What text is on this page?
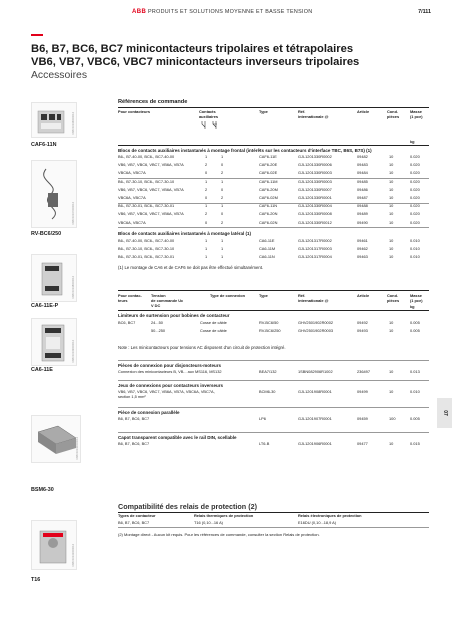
ABB PRODUITS ET SOLUTIONS MOYENNE ET BASSE TENSION	7/111
B6, B7, BC6, BC7 minicontacteurs tripolaires et tétrapolaires
VB6, VB7, VBC6, VBC7 minicontacteurs inverseurs tripolaires
Accessoires
1SBC101360F0014
CAF6-11N
1SBC101370F0014
RV-BC6/250
1SBC101380F0014
CA6-11E-P
1SBC101390F0014
CA6-11E
1SBC101400F0014
BSM6-30
1SBC101410F0014
T16
Références de commande
Pour contacteurs	Contacts
auxiliaires
Type	Réf.
internationale @
Article	Cond.
pièces
Masse
(1 pce)
kg
Blocs de contacts auxiliaires instantanés à montage frontal (intérêts sur les contacteurs d'interface TBC, B6S, B7S) (1)
B6-, B7-40-00, BC6-, BC7-40-00	1	1	CAF6-11E	GJL1201330R0002	09482	10	0.020
VB6, VB7, VBC6, VBC7, VB6A, VB7A	2	0	CAF6-20E	GJL1201330R0006	09483	10	0.020
VBC6A, VBC7A	0	2	CAF6-02E	GJL1201330R0003	09484	10	0.020
B6-, B7-30-10, BC6-, BC7-30-10	1	1	CAF6-11M	GJL1201330R0003	09485	10	0.020
VB6, VB7, VBC6, VBC7, VB6A, VB7A	2	0	CAF6-20M	GJL1201330R0007	09486	10	0.020
VBC6A, VBC7A	0	2	CAF6-02M	GJL1201330R0001	09487	10	0.020
B6-, B7-30-01, BC6-, BC7-30-01	1	1	CAF6-11N	GJL1201330R0004	09488	10	0.020
VB6, VB7, VBC6, VBC7, VB6A, VB7A	2	0	CAF6-20N	GJL1201330R0008	09489	10	0.020
VBC6A, VBC7A	0	2	CAF6-02N	GJL1201330R0012	09490	10	0.020
Blocs de contacts auxiliaires instantanés à montage latéral (1)
B6-, B7-40-00, BC6-, BC7-40-00	1	1	CA6-11E	GJL1201317R0002	09461	10	0.010
B6-, B7-30-10, BC6-, BC7-30-10	1	1	CA6-11M	GJL1201317R0003	09462	10	0.010
B6-, B7-30-01, BC6-, BC7-30-01	1	1	CA6-11N	GJL1201317R0004	09463	10	0.010
(1) Le montage de CA6 et de CAF6 ne doit pas être effectué simultanément.
Pour contac-
teurs
Tension
de commande Uc
V DC
Type de connexion	Type	Réf.
internationale @
Article	Cond.
pièces
Masse
(1 pce)
kg
Limiteurs de surtension pour bobines de contacteur
BC6, BC7	24...50	Cosse de câble	RV-BC6/50	GHV2501902R0002	09492	10	0.005
50...250	Cosse de câble	RV-BC6/250	GHV2501902R0003	09493	10	0.005
Note : Les minicontacteurs pour tensions AC disposent d'un circuit de protection intégré.
Pièces de connexion pour disjoncteurs-moteurs
Connexion des minicontacteurs B, VB... aux MS116, MS132	BEA7/132	1SBN082906R1002	236497	10	0.013
Jeux de connexions pour contacteurs inverseurs
VB6, VB7, VBC6, VBC7, VB6A, VB7A, VBC6A, VBC7A,	BCM6-30	GJL1201908R0001	09499	10	0.010
section 1,5 mm²
Pièce de connexion parallèle
B6, B7, BC6, BC7	LP6	GJL1201907R0001	09459	100	0.005
Capot transparent compatible avec le rail DIN, scellable
B6, B7, BC6, BC7	LT6-B	GJL1201906R0001	09477	10	0.015
07
Compatibilité des relais de protection (2)
Types de contacteur	Relais thermiques de protection	Relais électroniques de protection
B6, B7, BC6, BC7	T16 (0,10...16 A)	E16DU (0,10...18,9 A)
(2) Montage direct - Aucun kit requis. Pour les références de commande, consulter la section Relais de protection.
